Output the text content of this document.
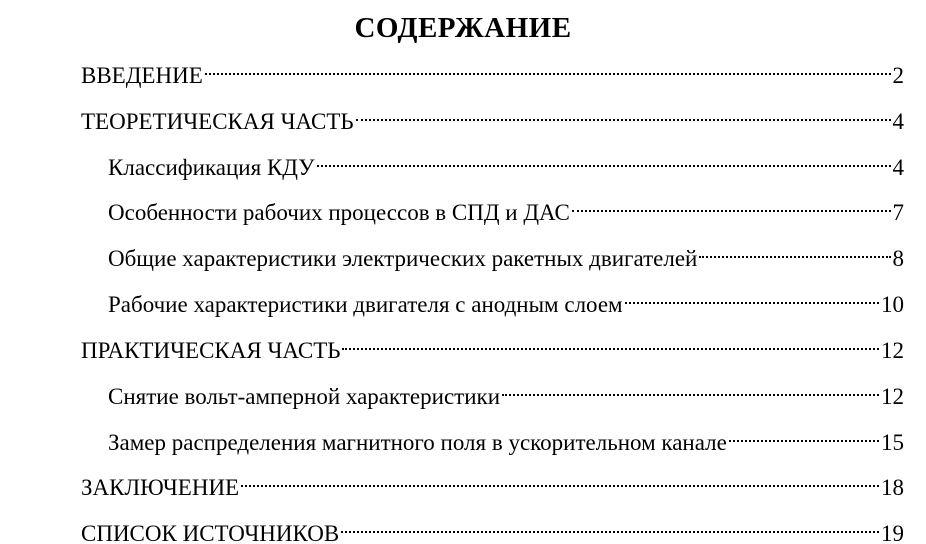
СОДЕРЖАНИЕ
ВВЕДЕНИЕ	2
ТЕОРЕТИЧЕСКАЯ ЧАСТЬ	4
Классификация КДУ	4
Особенности рабочих процессов в СПД и ДАС	7
Общие характеристики электрических ракетных двигателей	8
Рабочие характеристики двигателя с анодным слоем	10
ПРАКТИЧЕСКАЯ ЧАСТЬ	12
Снятие вольт-амперной характеристики	12
Замер распределения магнитного поля в ускорительном канале	15
ЗАКЛЮЧЕНИЕ	18
СПИСОК ИСТОЧНИКОВ	19
